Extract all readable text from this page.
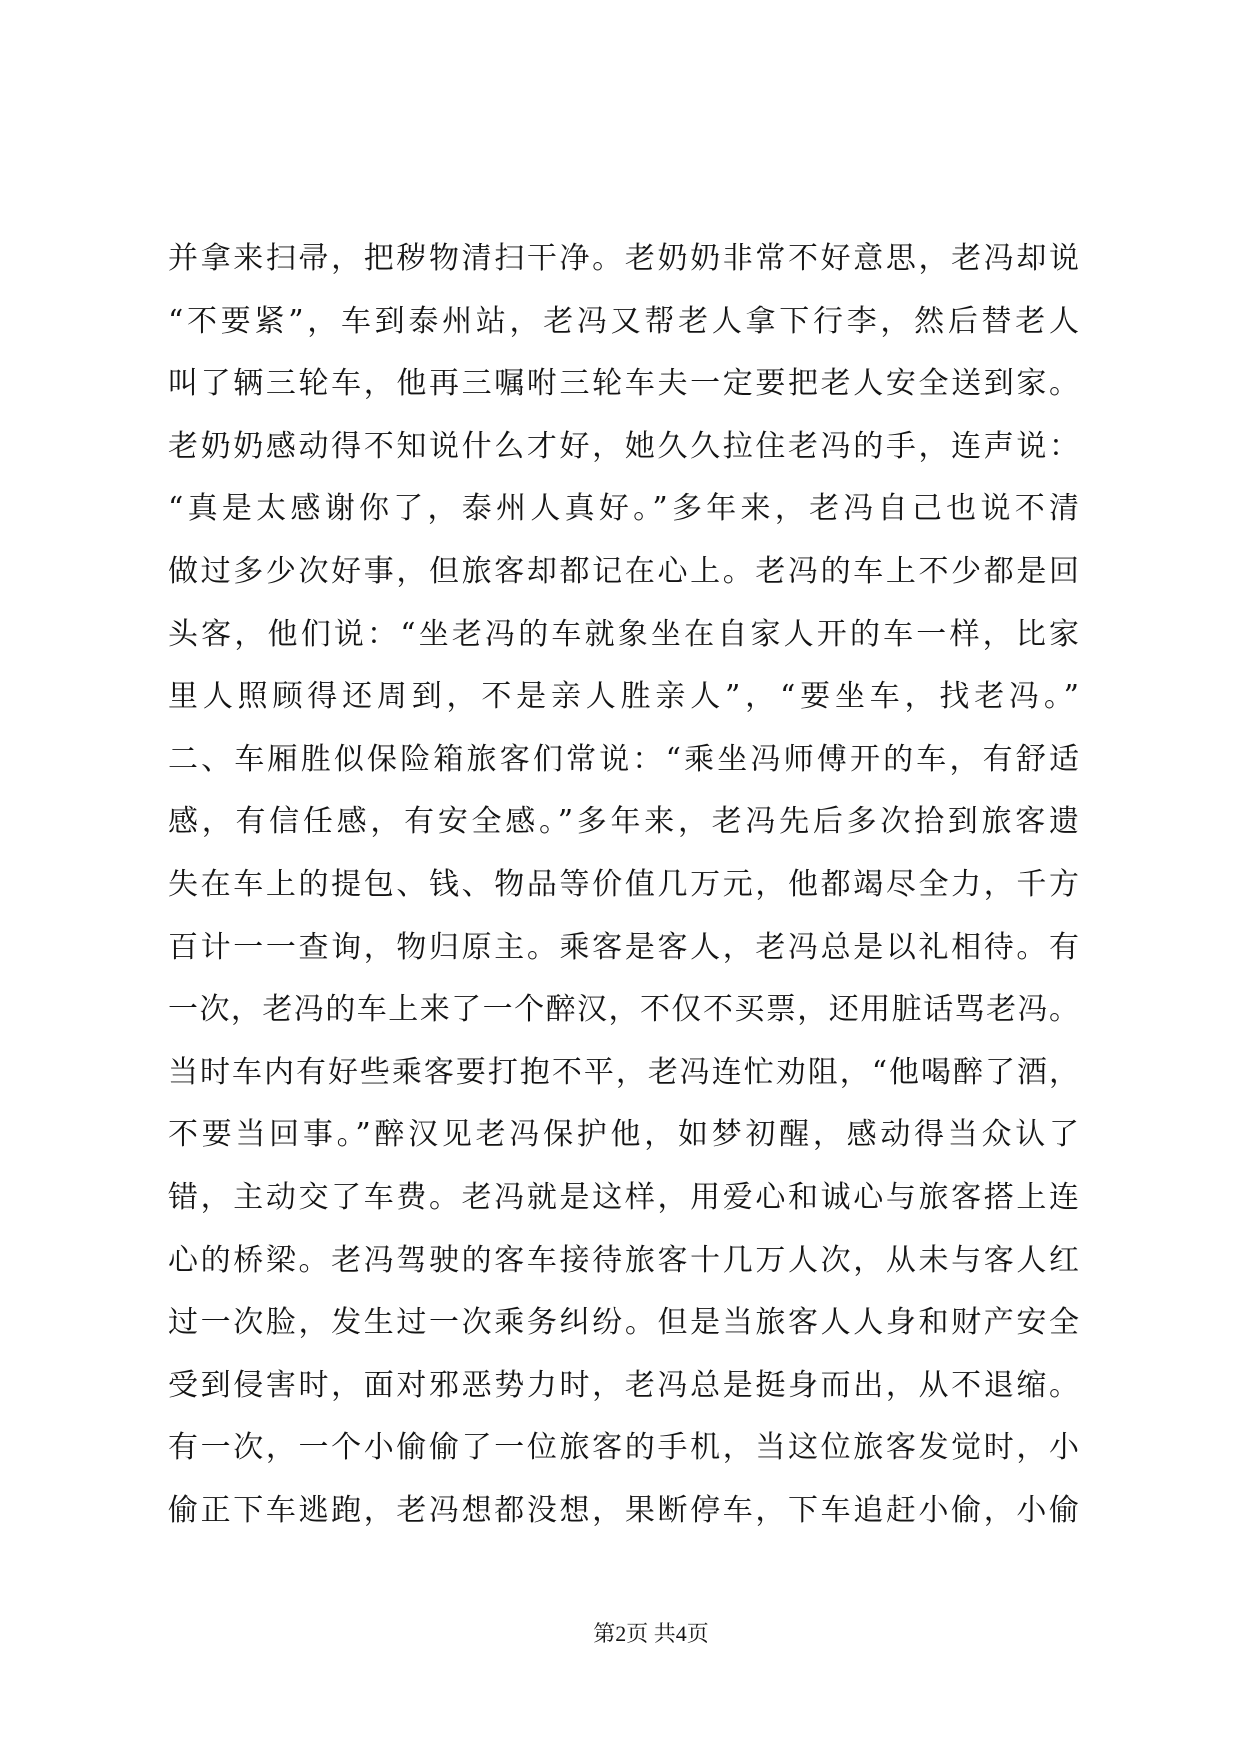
并拿来扫帚，把秽物清扫干净。老奶奶非常不好意思，老冯却说
“不要紧”，车到泰州站，老冯又帮老人拿下行李，然后替老人
叫了辆三轮车，他再三嘱咐三轮车夫一定要把老人安全送到家。
老奶奶感动得不知说什么才好，她久久拉住老冯的手，连声说：
“真是太感谢你了，泰州人真好。”多年来，老冯自己也说不清
做过多少次好事，但旅客却都记在心上。老冯的车上不少都是回
头客，他们说：“坐老冯的车就象坐在自家人开的车一样，比家
里人照顾得还周到，不是亲人胜亲人”，“要坐车，找老冯。”
二、车厢胜似保险箱旅客们常说：“乘坐冯师傅开的车，有舒适
感，有信任感，有安全感。”多年来，老冯先后多次拾到旅客遗
失在车上的提包、钱、物品等价值几万元，他都竭尽全力，千方
百计一一查询，物归原主。乘客是客人，老冯总是以礼相待。有
一次，老冯的车上来了一个醉汉，不仅不买票，还用脏话骂老冯。
当时车内有好些乘客要打抱不平，老冯连忙劝阻，“他喝醉了酒，
不要当回事。”醉汉见老冯保护他，如梦初醒，感动得当众认了
错，主动交了车费。老冯就是这样，用爱心和诚心与旅客搭上连
心的桥梁。老冯驾驶的客车接待旅客十几万人次，从未与客人红
过一次脸，发生过一次乘务纠纷。但是当旅客人人身和财产安全
受到侵害时，面对邪恶势力时，老冯总是挺身而出，从不退缩。
有一次，一个小偷偷了一位旅客的手机，当这位旅客发觉时，小
偷正下车逃跑，老冯想都没想，果断停车，下车追赶小偷，小偷
第2页 共4页
